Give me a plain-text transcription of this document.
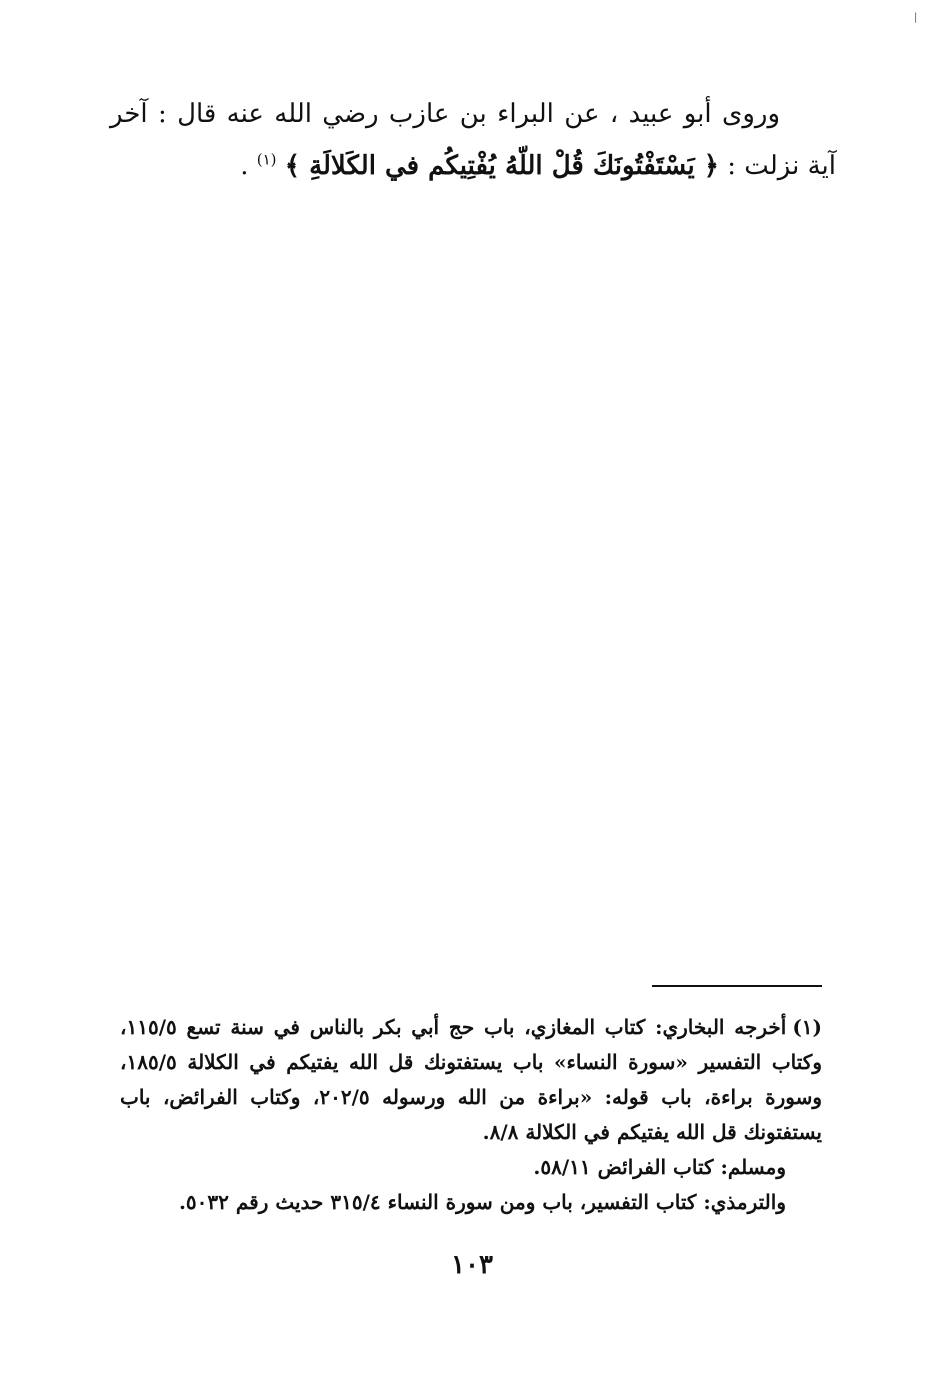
|

وروى أبو عبيد ، عن البراء بن عازب رضي الله عنه قال : آخر آية نزلت : ﴿ يَسْتَفْتُونَكَ قُلْ اللّهُ يُفْتِيكُم في الكَلالَةِ ﴾ $^{(١)}$ .

(١)أخرجه البخاري: كتاب المغازي، باب حج أبي بكر بالناس في سنة تسع ١١٥/٥، وكتاب التفسير «سورة النساء» باب يستفتونك قل الله يفتيكم في الكلالة ١٨٥/٥، وسورة براءة، باب قوله: «براءة من الله ورسوله ٢٠٢/٥، وكتاب الفرائض، باب يستفتونك قل الله يفتيكم في الكلالة ٨/٨.

ومسلم: كتاب الفرائض ٥٨/١١.

والترمذي: كتاب التفسير، باب ومن سورة النساء ٣١٥/٤ حديث رقم ٥٠٣٢.

١٠٣
